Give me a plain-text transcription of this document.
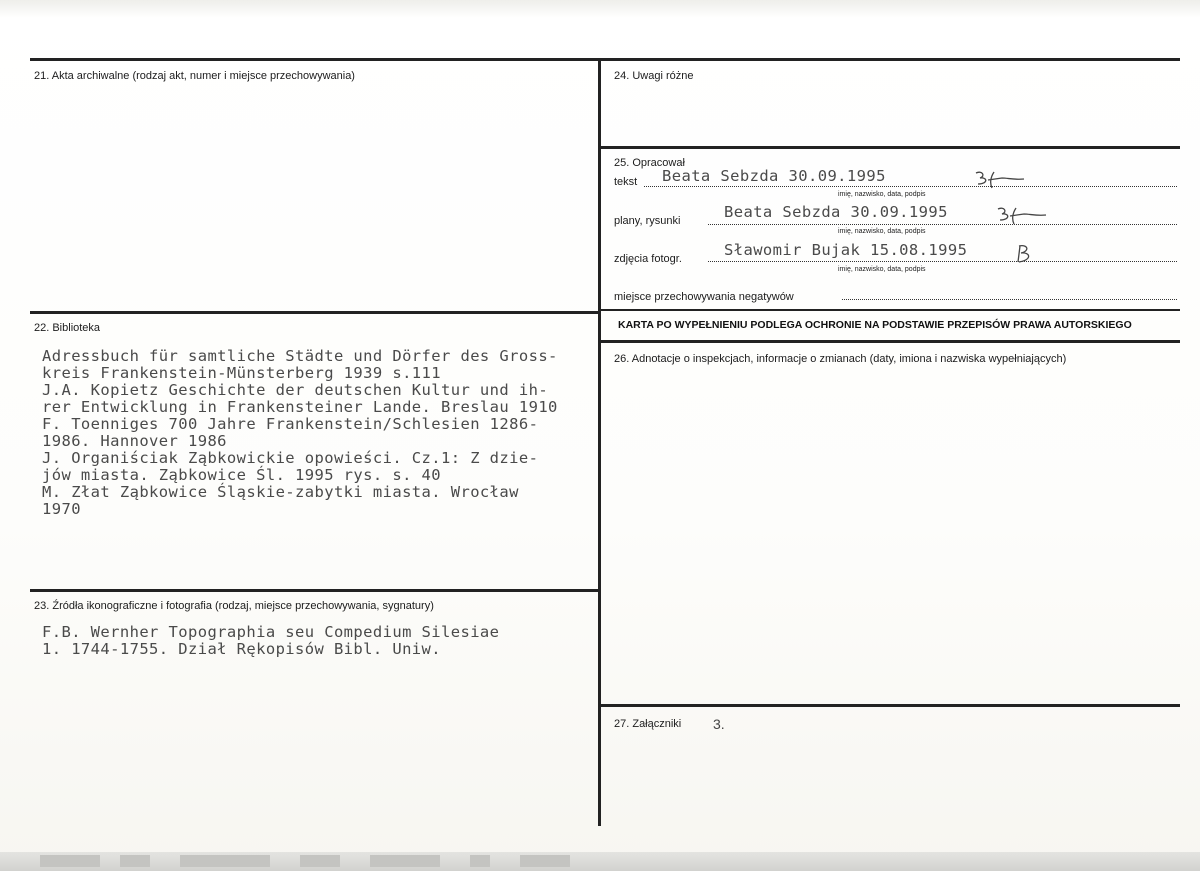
21. Akta archiwalne (rodzaj akt, numer i miejsce przechowywania)
22. Biblioteka
Adressbuch für samtliche Städte und Dörfer des Gross-
kreis Frankenstein-Münsterberg 1939 s.111
J.A. Kopietz Geschichte der deutschen Kultur und ih-
rer Entwicklung in Frankensteiner Lande. Breslau 1910
F. Toenniges 700 Jahre Frankenstein/Schlesien 1286-
1986. Hannover 1986
J. Organiściak Ząbkowickie opowieści. Cz.1: Z dzie-
jów miasta. Ząbkowice Śl. 1995 rys. s. 40
M. Złat Ząbkowice Śląskie-zabytki miasta. Wrocław
1970
23. Źródła ikonograficzne i fotografia (rodzaj, miejsce przechowywania, sygnatury)
F.B. Wernher Topographia seu Compedium Silesiae
1. 1744-1755. Dział Rękopisów Bibl. Uniw.
24. Uwagi różne
25. Opracował
tekst Beata Sebzda 30.09.1995
imię, nazwisko, data, podpis
plany, rysunki	Beata Sebzda 30.09.1995
imię, nazwisko, data, podpis
zdjęcia fotogr.	Sławomir Bujak 15.08.1995
imię, nazwisko, data, podpis
miejsce przechowywania negatywów
KARTA PO WYPEŁNIENIU PODLEGA OCHRONIE NA PODSTAWIE PRZEPISÓW PRAWA AUTORSKIEGO
26. Adnotacje o inspekcjach, informacje o zmianach (daty, imiona i nazwiska wypełniających)
27. Załączniki 3.
